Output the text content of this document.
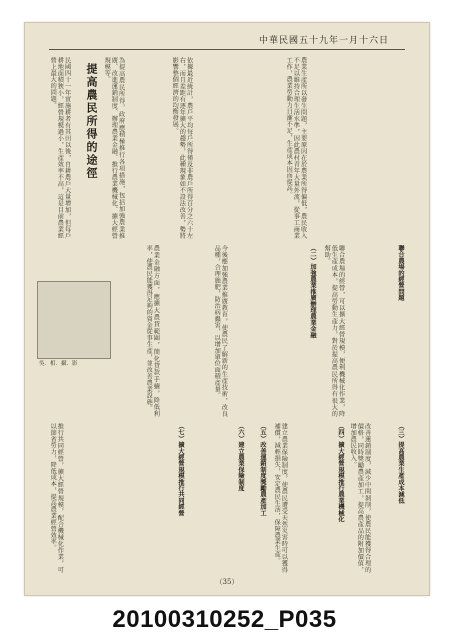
中華民國五十九年一月十六日
農業生產所以發生問題，主要原因在於農業所得偏低，農民收入不足以維持合理生活水準，因此農村青年大量外流，從事工商業工作，農業勞動力日漸不足，生產成本因而提高。
依據最近統計，農戶平均每戶所得僅及非農戶所得百分之六十左右，而且差距有逐年擴大的趨勢，此種現象如不設法改善，勢將影響整個經濟的均衡發展。
為提高農民所得，政府應積極推行各項措施，包括加強農業推廣、改進運銷制度、辦理農業金融、推行農業機械化、擴大經營規模等。
提高農民所得的途徑
民國四十一年實施耕者有其田以後，自耕農戶大量增加，但每戶耕地面積狹小，經營規模過小，生產效率不高，這是目前農業經營上最大的問題。
聯合農場的經營問題
聯合農場的經營，可以擴大經營規模，便利機械化作業，降低生產成本，提高勞動生產力，對於提高農民所得有很大的幫助。
（二）加強農業推廣辦理農業金融
今後應加強農業推廣教育，使農民了解新的生產技術，改良品種，合理施肥，防治病蟲害，以增加單位面積產量。
農業金融方面，應擴大農貸範圍，簡化貸款手續，降低利率，使農民能獲得足夠的資金從事生產，並改善農業設施。
吳．相．攝．影
（三）提高農業生產成本減低
改善運銷制度，減少中間剝削，使農民能獲得合理的價格，同時獎勵農產加工，提高農產品的附加價值，增加農民收入。
（四）擴大經營規模推行農業機械化
建立農業保險制度，使農民遭受天然災害時可以獲得補償，減輕損失，安定農民生活，保障農業生產。
（五）改善運銷制度獎勵農產加工
（六）建立農業保險制度
（七）擴大經營規模推行共同經營
推行共同經營，擴大經營規模，配合機械化作業，可以節省勞力，降低成本，提高農業經營效率。
（35）
20100310252_P035
